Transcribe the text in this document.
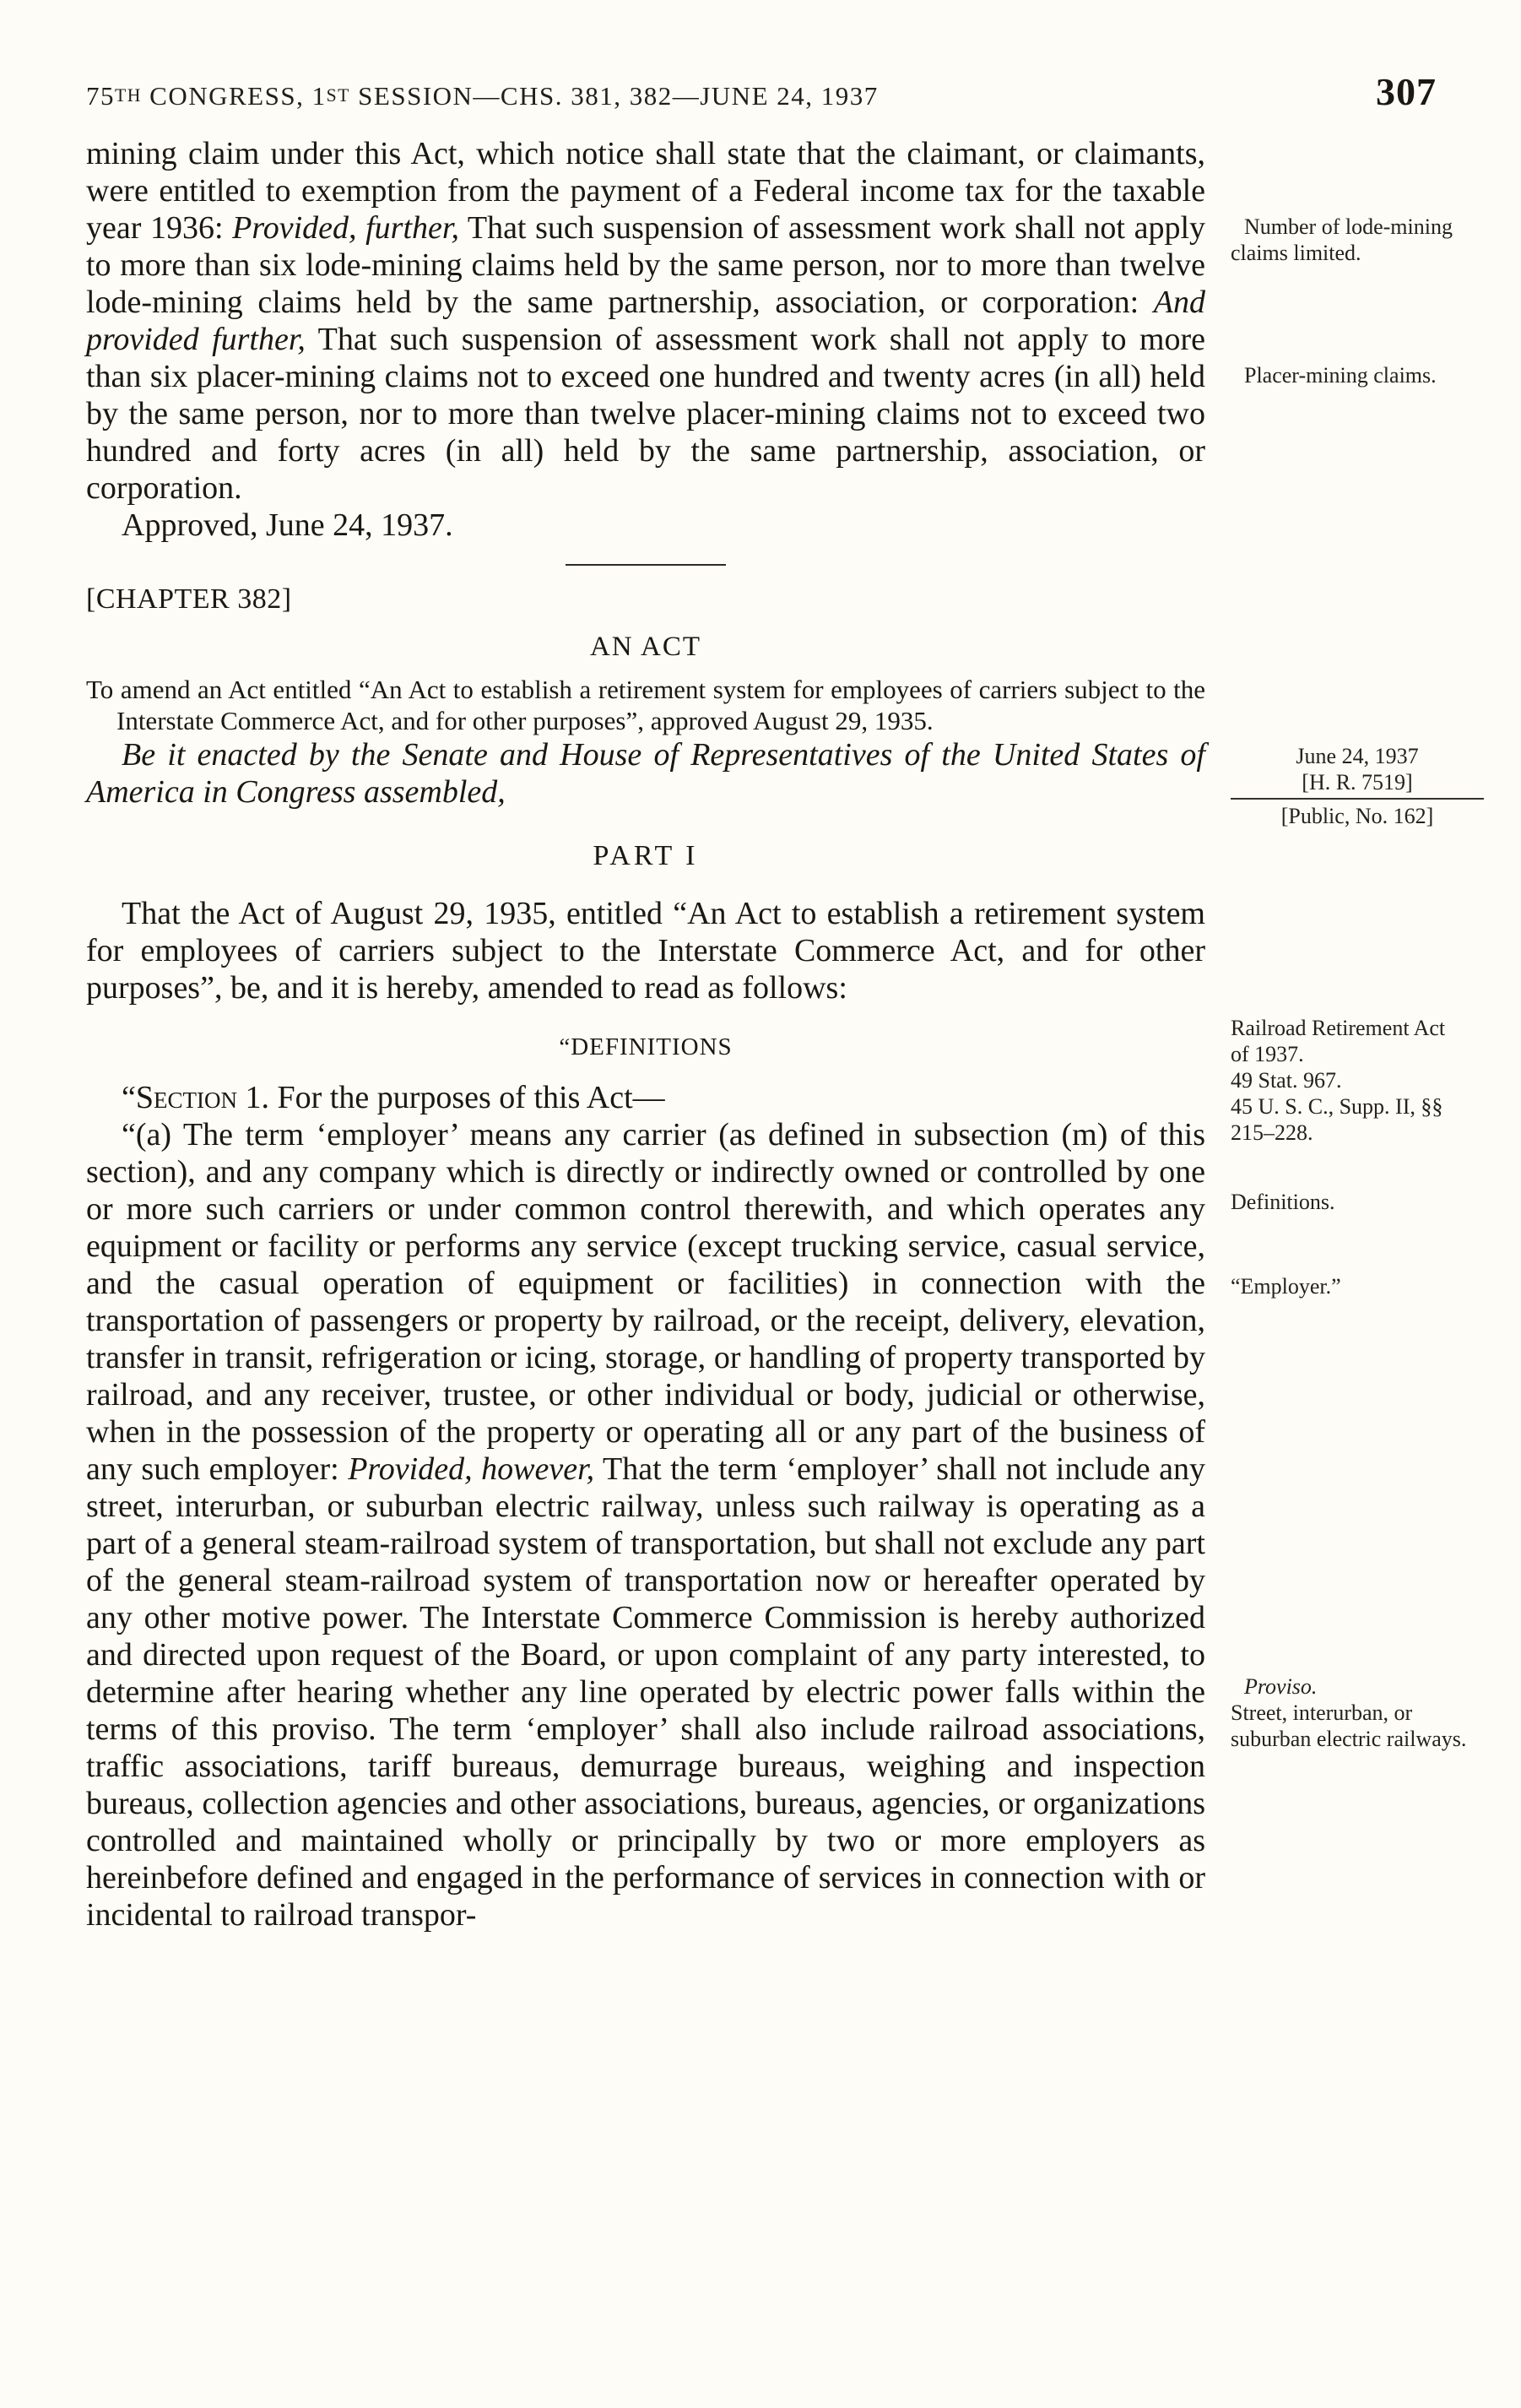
75TH CONGRESS, 1ST SESSION—CHS. 381, 382—JUNE 24, 1937	307

mining claim under this Act, which notice shall state that the claimant, or claimants, were entitled to exemption from the payment of a Federal income tax for the taxable year 1936: Provided, further, That such suspension of assessment work shall not apply to more than six lode-mining claims held by the same person, nor to more than twelve lode-mining claims held by the same partnership, association, or corporation: And provided further, That such suspension of assessment work shall not apply to more than six placer-mining claims not to exceed one hundred and twenty acres (in all) held by the same person, nor to more than twelve placer-mining claims not to exceed two hundred and forty acres (in all) held by the same partnership, association, or corporation.

Approved, June 24, 1937.

[CHAPTER 382]

AN ACT

To amend an Act entitled “An Act to establish a retirement system for employees of carriers subject to the Interstate Commerce Act, and for other purposes”, approved August 29, 1935.

Be it enacted by the Senate and House of Representatives of the United States of America in Congress assembled,

PART I

That the Act of August 29, 1935, entitled “An Act to establish a retirement system for employees of carriers subject to the Interstate Commerce Act, and for other purposes”, be, and it is hereby, amended to read as follows:

“DEFINITIONS

“Section 1. For the purposes of this Act—

“(a) The term ‘employer’ means any carrier (as defined in subsection (m) of this section), and any company which is directly or indirectly owned or controlled by one or more such carriers or under common control therewith, and which operates any equipment or facility or performs any service (except trucking service, casual service, and the casual operation of equipment or facilities) in connection with the transportation of passengers or property by railroad, or the receipt, delivery, elevation, transfer in transit, refrigeration or icing, storage, or handling of property transported by railroad, and any receiver, trustee, or other individual or body, judicial or otherwise, when in the possession of the property or operating all or any part of the business of any such employer: Provided, however, That the term ‘employer’ shall not include any street, interurban, or suburban electric railway, unless such railway is operating as a part of a general steam-railroad system of transportation, but shall not exclude any part of the general steam-railroad system of transportation now or hereafter operated by any other motive power. The Interstate Commerce Commission is hereby authorized and directed upon request of the Board, or upon complaint of any party interested, to determine after hearing whether any line operated by electric power falls within the terms of this proviso. The term ‘employer’ shall also include railroad associations, traffic associations, tariff bureaus, demurrage bureaus, weighing and inspection bureaus, collection agencies and other associations, bureaus, agencies, or organizations controlled and maintained wholly or principally by two or more employers as hereinbefore defined and engaged in the performance of services in connection with or incidental to railroad transpor-

Number of lode-mining claims limited.
Placer-mining claims.
June 24, 1937
[H. R. 7519]
[Public, No. 162]
Railroad Retirement Act of 1937.
49 Stat. 967.
45 U. S. C., Supp. II, §§ 215–228.
Definitions.
“Employer.”
Proviso.
Street, interurban, or suburban electric railways.
